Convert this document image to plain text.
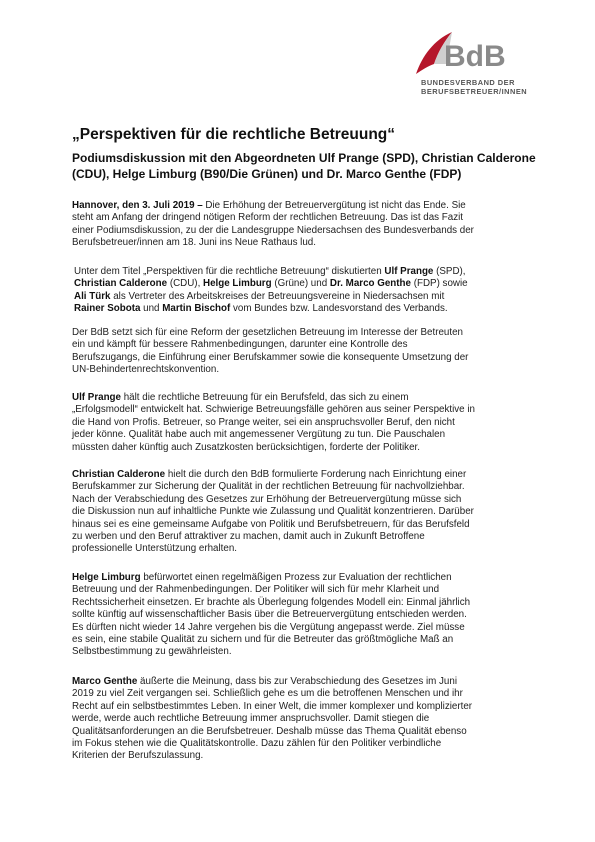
BdB
BUNDESVERBAND DER
BERUFSBETREUER/INNEN
„Perspektiven für die rechtliche Betreuung“
Podiumsdiskussion mit den Abgeordneten Ulf Prange (SPD), Christian Calderone
(CDU), Helge Limburg (B90/Die Grünen) und Dr. Marco Genthe (FDP)

Hannover, den 3. Juli 2019 – Die Erhöhung der Betreuervergütung ist nicht das Ende. Sie
steht am Anfang der dringend nötigen Reform der rechtlichen Betreuung. Das ist das Fazit
einer Podiumsdiskussion, zu der die Landesgruppe Niedersachsen des Bundesverbands der
Berufsbetreuer/innen am 18. Juni ins Neue Rathaus lud.

Unter dem Titel „Perspektiven für die rechtliche Betreuung“ diskutierten Ulf Prange (SPD),
Christian Calderone (CDU), Helge Limburg (Grüne) und Dr. Marco Genthe (FDP) sowie
Ali Türk als Vertreter des Arbeitskreises der Betreuungsvereine in Niedersachsen mit
Rainer Sobota und Martin Bischof vom Bundes bzw. Landesvorstand des Verbands.

Der BdB setzt sich für eine Reform der gesetzlichen Betreuung im Interesse der Betreuten
ein und kämpft für bessere Rahmenbedingungen, darunter eine Kontrolle des
Berufszugangs, die Einführung einer Berufskammer sowie die konsequente Umsetzung der
UN-Behindertenrechtskonvention.

Ulf Prange hält die rechtliche Betreuung für ein Berufsfeld, das sich zu einem
„Erfolgsmodell“ entwickelt hat. Schwierige Betreuungsfälle gehören aus seiner Perspektive in
die Hand von Profis. Betreuer, so Prange weiter, sei ein anspruchsvoller Beruf, den nicht
jeder könne. Qualität habe auch mit angemessener Vergütung zu tun. Die Pauschalen
müssten daher künftig auch Zusatzkosten berücksichtigen, forderte der Politiker.

Christian Calderone hielt die durch den BdB formulierte Forderung nach Einrichtung einer
Berufskammer zur Sicherung der Qualität in der rechtlichen Betreuung für nachvollziehbar.
Nach der Verabschiedung des Gesetzes zur Erhöhung der Betreuervergütung müsse sich
die Diskussion nun auf inhaltliche Punkte wie Zulassung und Qualität konzentrieren. Darüber
hinaus sei es eine gemeinsame Aufgabe von Politik und Berufsbetreuern, für das Berufsfeld
zu werben und den Beruf attraktiver zu machen, damit auch in Zukunft Betroffene
professionelle Unterstützung erhalten.

Helge Limburg befürwortet einen regelmäßigen Prozess zur Evaluation der rechtlichen
Betreuung und der Rahmenbedingungen. Der Politiker will sich für mehr Klarheit und
Rechtssicherheit einsetzen. Er brachte als Überlegung folgendes Modell ein: Einmal jährlich
sollte künftig auf wissenschaftlicher Basis über die Betreuervergütung entschieden werden.
Es dürften nicht wieder 14 Jahre vergehen bis die Vergütung angepasst werde. Ziel müsse
es sein, eine stabile Qualität zu sichern und für die Betreuter das größtmögliche Maß an
Selbstbestimmung zu gewährleisten.

Marco Genthe äußerte die Meinung, dass bis zur Verabschiedung des Gesetzes im Juni
2019 zu viel Zeit vergangen sei. Schließlich gehe es um die betroffenen Menschen und ihr
Recht auf ein selbstbestimmtes Leben. In einer Welt, die immer komplexer und komplizierter
werde, werde auch rechtliche Betreuung immer anspruchsvoller. Damit stiegen die
Qualitätsanforderungen an die Berufsbetreuer. Deshalb müsse das Thema Qualität ebenso
im Fokus stehen wie die Qualitätskontrolle. Dazu zählen für den Politiker verbindliche
Kriterien der Berufszulassung.
